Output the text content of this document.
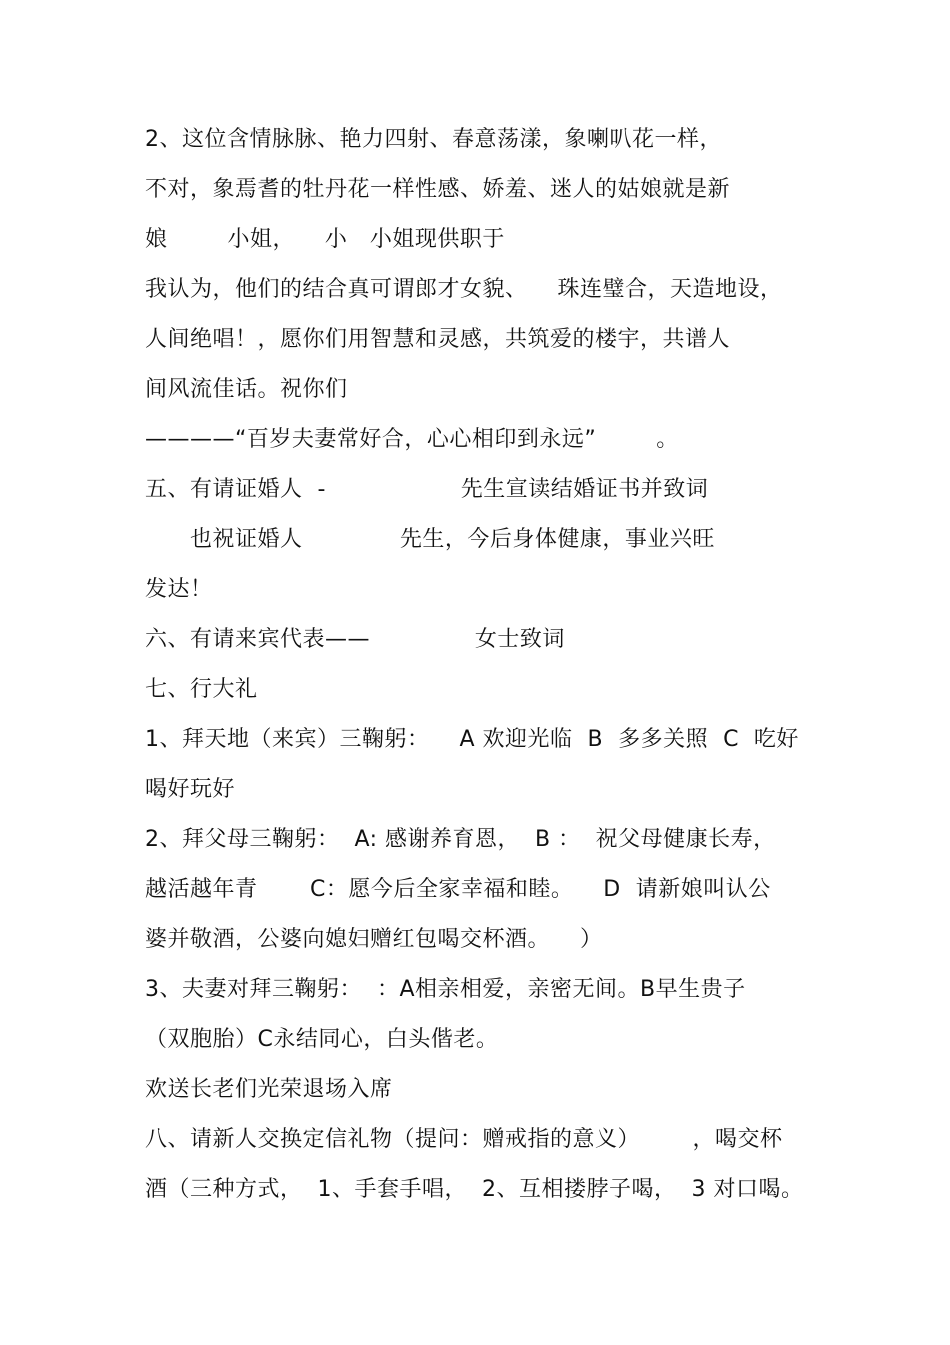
2、这位含情脉脉、艳力四射、春意荡漾，象喇叭花一样，
不对，象焉耆的牡丹花一样性感、娇羞、迷人的姑娘就是新
娘        小姐，    小   小姐现供职于
我认为，他们的结合真可谓郎才女貌、    珠连璧合，天造地设，
人间绝唱！，愿你们用智慧和灵感，共筑爱的楼宇，共谱人
间风流佳话。祝你们
————“百岁夫妻常好合，心心相印到永远”        。
五、有请证婚人  -                  先生宣读结婚证书并致词
也祝证婚人             先生，今后身体健康，事业兴旺
发达！
六、有请来宾代表——              女士致词
七、行大礼
1、拜天地（来宾）三鞠躬：    A 欢迎光临  B  多多关照  C  吃好
喝好玩好
2、拜父母三鞠躬：  A: 感谢养育恩，  B ：  祝父母健康长寿，
越活越年青       C：愿今后全家幸福和睦。    D  请新娘叫认公
婆并敬酒，公婆向媳妇赠红包喝交杯酒。    ）
3、夫妻对拜三鞠躬：  ：A相亲相爱，亲密无间。B早生贵子
（双胞胎）C永结同心，白头偕老。
欢送长老们光荣退场入席
八、请新人交换定信礼物（提问：赠戒指的意义）       ，喝交杯
酒（三种方式，  1、手套手唱，  2、互相搂脖子喝，  3 对口喝。
